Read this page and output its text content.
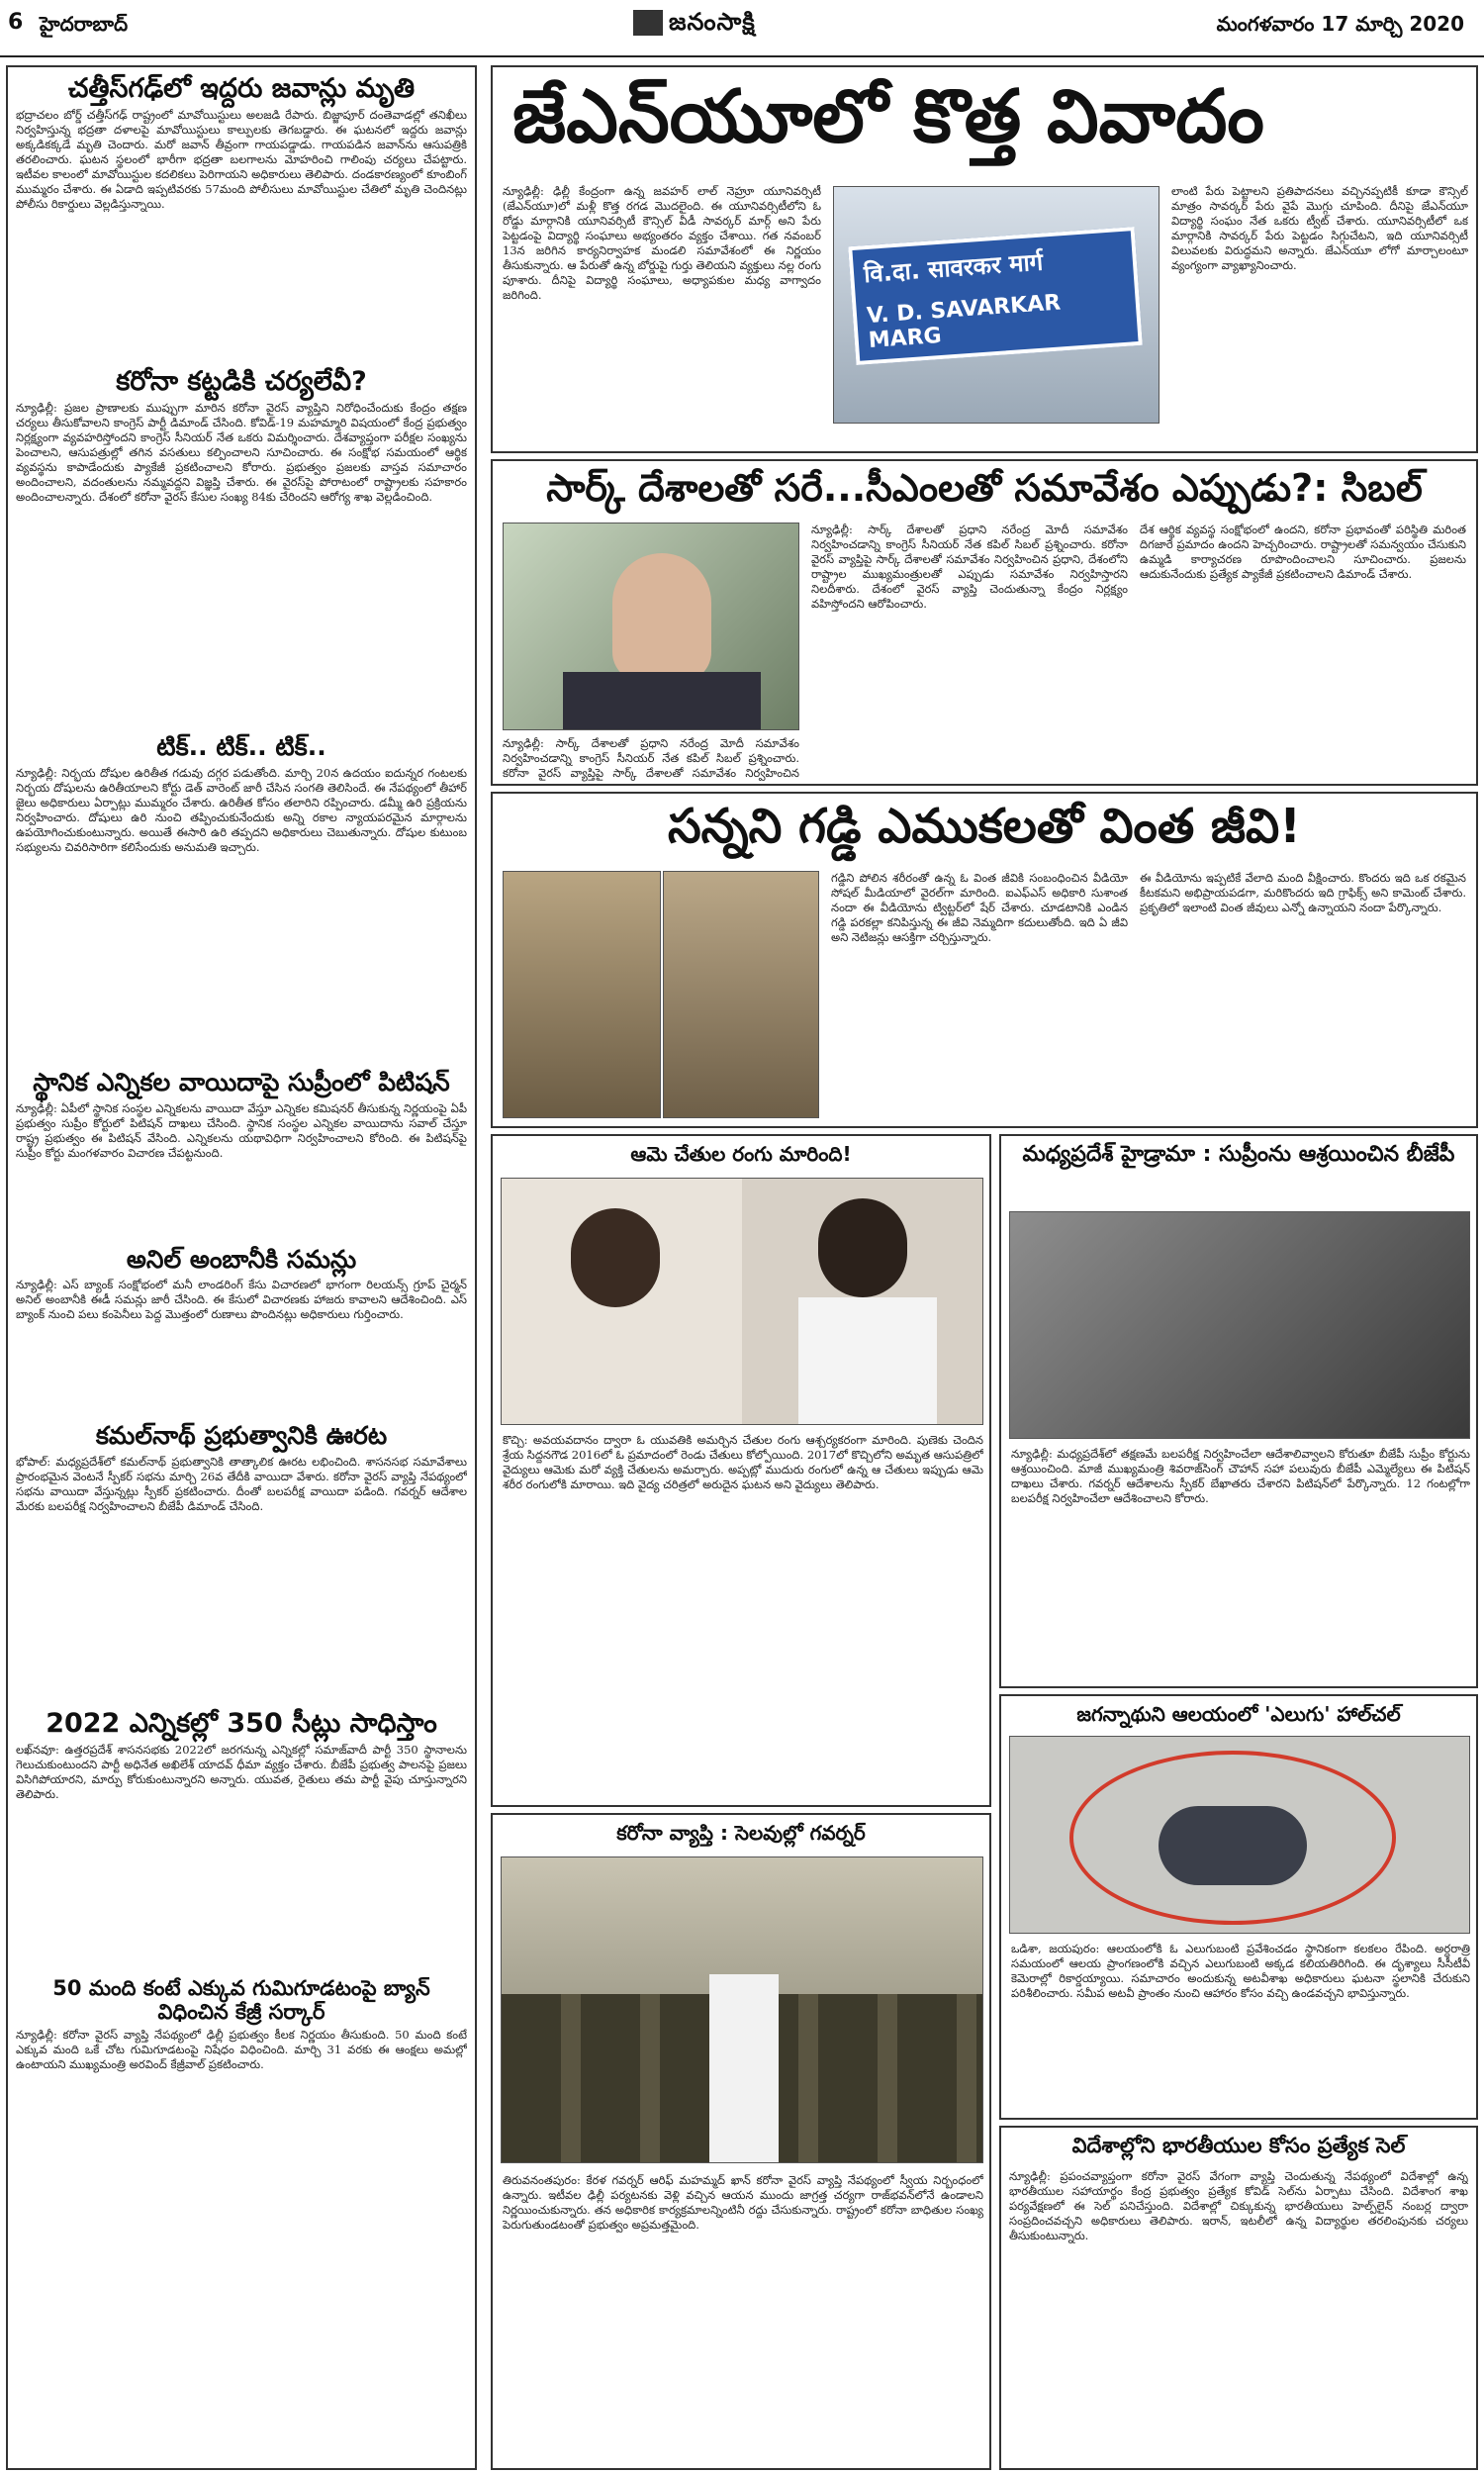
6 హైదరాబాద్	జనంసాక్షి	మంగళవారం 17 మార్చి 2020
చత్తీస్‌గఢ్‌లో ఇద్దరు జవాన్లు మృతి
భద్రాచలం బోర్డ్‌ చత్తీస్‌గఢ్‌ రాష్ట్రంలో మావోయిస్టులు అలజడి రేపారు. బిజ్జాపూర్‌ దంతెవాడల్లో తనిఖీలు నిర్వహిస్తున్న భద్రతా దళాలపై మావోయిస్టులు కాల్పులకు తెగబడ్డారు. ఈ ఘటనలో ఇద్దరు జవాన్లు అక్కడికక్కడే మృతి చెందారు. మరో జవాన్‌ తీవ్రంగా గాయపడ్డాడు. గాయపడిన జవాన్‌ను ఆసుపత్రికి తరలించారు. ఘటన స్థలంలో భారీగా భద్రతా బలగాలను మోహరించి గాలింపు చర్యలు చేపట్టారు. ఇటీవల కాలంలో మావోయిస్టుల కదలికలు పెరిగాయని అధికారులు తెలిపారు. దండకారణ్యంలో కూంబింగ్‌ ముమ్మరం చేశారు. ఈ ఏడాది ఇప్పటివరకు 57మంది పోలీసులు మావోయిస్టుల చేతిలో మృతి చెందినట్లు పోలీసు రికార్డులు వెల్లడిస్తున్నాయి.
కరోనా కట్టడికి చర్యలేవీ?
న్యూఢిల్లీ: ప్రజల ప్రాణాలకు ముప్పుగా మారిన కరోనా వైరస్‌ వ్యాప్తిని నిరోధించేందుకు కేంద్రం తక్షణ చర్యలు తీసుకోవాలని కాంగ్రెస్‌ పార్టీ డిమాండ్‌ చేసింది. కోవిడ్‌-19 మహమ్మారి విషయంలో కేంద్ర ప్రభుత్వం నిర్లక్ష్యంగా వ్యవహరిస్తోందని కాంగ్రెస్‌ సీనియర్‌ నేత ఒకరు విమర్శించారు. దేశవ్యాప్తంగా పరీక్షల సంఖ్యను పెంచాలని, ఆసుపత్రుల్లో తగిన వసతులు కల్పించాలని సూచించారు. ఈ సంక్షోభ సమయంలో ఆర్థిక వ్యవస్థను కాపాడేందుకు ప్యాకేజీ ప్రకటించాలని కోరారు. ప్రభుత్వం ప్రజలకు వాస్తవ సమాచారం అందించాలని, వదంతులను నమ్మవద్దని విజ్ఞప్తి చేశారు. ఈ వైరస్‌పై పోరాటంలో రాష్ట్రాలకు సహకారం అందించాలన్నారు. దేశంలో కరోనా వైరస్‌ కేసుల సంఖ్య 84కు చేరిందని ఆరోగ్య శాఖ వెల్లడించింది.
టిక్‌.. టిక్‌.. టిక్‌..
న్యూఢిల్లీ: నిర్భయ దోషుల ఉరితీత గడువు దగ్గర పడుతోంది. మార్చి 20న ఉదయం ఐదున్నర గంటలకు నిర్భయ దోషులను ఉరితీయాలని కోర్టు డెత్‌ వారెంట్‌ జారీ చేసిన సంగతి తెలిసిందే. ఈ నేపథ్యంలో తీహార్‌ జైలు అధికారులు ఏర్పాట్లు ముమ్మరం చేశారు. ఉరితీత కోసం తలారిని రప్పించారు. డమ్మీ ఉరి ప్రక్రియను నిర్వహించారు. దోషులు ఉరి నుంచి తప్పించుకునేందుకు అన్ని రకాల న్యాయపరమైన మార్గాలను ఉపయోగించుకుంటున్నారు. అయితే ఈసారి ఉరి తప్పదని అధికారులు చెబుతున్నారు. దోషుల కుటుంబ సభ్యులను చివరిసారిగా కలిసేందుకు అనుమతి ఇచ్చారు.
స్థానిక ఎన్నికల వాయిదాపై సుప్రీంలో పిటిషన్‌
న్యూఢిల్లీ: ఏపీలో స్థానిక సంస్థల ఎన్నికలను వాయిదా వేస్తూ ఎన్నికల కమిషనర్‌ తీసుకున్న నిర్ణయంపై ఏపీ ప్రభుత్వం సుప్రీం కోర్టులో పిటిషన్‌ దాఖలు చేసింది. స్థానిక సంస్థల ఎన్నికల వాయిదాను సవాల్‌ చేస్తూ రాష్ట్ర ప్రభుత్వం ఈ పిటిషన్‌ వేసింది. ఎన్నికలను యథావిధిగా నిర్వహించాలని కోరింది. ఈ పిటిషన్‌పై సుప్రీం కోర్టు మంగళవారం విచారణ చేపట్టనుంది.
అనిల్‌ అంబానీకి సమన్లు
న్యూఢిల్లీ: ఎస్‌ బ్యాంక్‌ సంక్షోభంలో మనీ లాండరింగ్‌ కేసు విచారణలో భాగంగా రిలయన్స్‌ గ్రూప్‌ చైర్మన్‌ అనిల్‌ అంబానీకి ఈడీ సమన్లు జారీ చేసింది. ఈ కేసులో విచారణకు హాజరు కావాలని ఆదేశించింది. ఎస్‌ బ్యాంక్‌ నుంచి పలు కంపెనీలు పెద్ద మొత్తంలో రుణాలు పొందినట్లు అధికారులు గుర్తించారు.
కమల్‌నాథ్‌ ప్రభుత్వానికి ఊరట
భోపాల్‌: మధ్యప్రదేశ్‌లో కమల్‌నాథ్‌ ప్రభుత్వానికి తాత్కాలిక ఊరట లభించింది. శాసనసభ సమావేశాలు ప్రారంభమైన వెంటనే స్పీకర్‌ సభను మార్చి 26వ తేదీకి వాయిదా వేశారు. కరోనా వైరస్‌ వ్యాప్తి నేపథ్యంలో సభను వాయిదా వేస్తున్నట్లు స్పీకర్‌ ప్రకటించారు. దీంతో బలపరీక్ష వాయిదా పడింది. గవర్నర్‌ ఆదేశాల మేరకు బలపరీక్ష నిర్వహించాలని బీజేపీ డిమాండ్‌ చేసింది.
2022 ఎన్నికల్లో 350 సీట్లు సాధిస్తాం
లఖ్‌నవూ: ఉత్తరప్రదేశ్‌ శాసనసభకు 2022లో జరగనున్న ఎన్నికల్లో సమాజ్‌వాదీ పార్టీ 350 స్థానాలను గెలుచుకుంటుందని పార్టీ అధినేత అఖిలేశ్‌ యాదవ్‌ ధీమా వ్యక్తం చేశారు. బీజేపీ ప్రభుత్వ పాలనపై ప్రజలు విసిగిపోయారని, మార్పు కోరుకుంటున్నారని అన్నారు. యువత, రైతులు తమ పార్టీ వైపు చూస్తున్నారని తెలిపారు.
50 మంది కంటే ఎక్కువ గుమిగూడటంపై బ్యాన్‌ విధించిన కేజ్రీ సర్కార్‌
న్యూఢిల్లీ: కరోనా వైరస్‌ వ్యాప్తి నేపథ్యంలో ఢిల్లీ ప్రభుత్వం కీలక నిర్ణయం తీసుకుంది. 50 మంది కంటే ఎక్కువ మంది ఒకే చోట గుమిగూడటంపై నిషేధం విధించింది. మార్చి 31 వరకు ఈ ఆంక్షలు అమల్లో ఉంటాయని ముఖ్యమంత్రి అరవింద్‌ కేజ్రీవాల్‌ ప్రకటించారు.
జేఎన్‌యూలో కొత్త వివాదం
న్యూఢిల్లీ: ఢిల్లీ కేంద్రంగా ఉన్న జవహర్‌ లాల్‌ నెహ్రూ యూనివర్సిటీ (జేఎన్‌యూ)లో మళ్లీ కొత్త రగడ మొదలైంది. ఈ యూనివర్సిటీలోని ఓ రోడ్డు మార్గానికి యూనివర్సిటీ కౌన్సిల్‌ వీడీ సావర్కర్‌ మార్గ్‌ అని పేరు పెట్టడంపై విద్యార్థి సంఘాలు అభ్యంతరం వ్యక్తం చేశాయి. గత నవంబర్‌ 13న జరిగిన కార్యనిర్వాహక మండలి సమావేశంలో ఈ నిర్ణయం తీసుకున్నారు. ఆ పేరుతో ఉన్న బోర్డుపై గుర్తు తెలియని వ్యక్తులు నల్ల రంగు పూశారు. దీనిపై విద్యార్థి సంఘాలు, అధ్యాపకుల మధ్య వాగ్వాదం జరిగింది.
वि.दा. सावरकर मार्ग
V. D. SAVARKAR MARG
లాంటి పేరు పెట్టాలని ప్రతిపాదనలు వచ్చినప్పటికీ కూడా కౌన్సిల్‌ మాత్రం సావర్కర్‌ పేరు వైపే మొగ్గు చూపింది. దీనిపై జేఎన్‌యూ విద్యార్థి సంఘం నేత ఒకరు ట్వీట్‌ చేశారు. యూనివర్సిటీలో ఒక మార్గానికి సావర్కర్‌ పేరు పెట్టడం సిగ్గుచేటని, ఇది యూనివర్సిటీ విలువలకు విరుద్ధమని అన్నారు. జేఎన్‌యూ లోగో మార్చాలంటూ వ్యంగ్యంగా వ్యాఖ్యానించారు.
సార్క్‌ దేశాలతో సరే...సీఎంలతో సమావేశం ఎప్పుడు?: సిబల్‌
న్యూఢిల్లీ: సార్క్‌ దేశాలతో ప్రధాని నరేంద్ర మోదీ సమావేశం నిర్వహించడాన్ని కాంగ్రెస్‌ సీనియర్‌ నేత కపిల్‌ సిబల్‌ ప్రశ్నించారు. కరోనా వైరస్‌ వ్యాప్తిపై సార్క్‌ దేశాలతో సమావేశం నిర్వహించిన
న్యూఢిల్లీ: సార్క్‌ దేశాలతో ప్రధాని నరేంద్ర మోదీ సమావేశం నిర్వహించడాన్ని కాంగ్రెస్‌ సీనియర్‌ నేత కపిల్‌ సిబల్‌ ప్రశ్నించారు. కరోనా వైరస్‌ వ్యాప్తిపై సార్క్‌ దేశాలతో సమావేశం నిర్వహించిన ప్రధాని, దేశంలోని రాష్ట్రాల ముఖ్యమంత్రులతో ఎప్పుడు సమావేశం నిర్వహిస్తారని నిలదీశారు. దేశంలో వైరస్‌ వ్యాప్తి చెందుతున్నా కేంద్రం నిర్లక్ష్యం వహిస్తోందని ఆరోపించారు.
దేశ ఆర్థిక వ్యవస్థ సంక్షోభంలో ఉందని, కరోనా ప్రభావంతో పరిస్థితి మరింత దిగజారే ప్రమాదం ఉందని హెచ్చరించారు. రాష్ట్రాలతో సమన్వయం చేసుకుని ఉమ్మడి కార్యాచరణ రూపొందించాలని సూచించారు. ప్రజలను ఆదుకునేందుకు ప్రత్యేక ప్యాకేజీ ప్రకటించాలని డిమాండ్‌ చేశారు.
సన్నని గడ్డి ఎముకలతో వింత జీవి!
గడ్డిని పోలిన శరీరంతో ఉన్న ఓ వింత జీవికి సంబంధించిన వీడియో సోషల్‌ మీడియాలో వైరల్‌గా మారింది. ఐఎఫ్‌ఎస్‌ అధికారి సుశాంత నందా ఈ వీడియోను ట్విట్టర్‌లో షేర్‌ చేశారు. చూడటానికి ఎండిన గడ్డి పరకల్లా కనిపిస్తున్న ఈ జీవి నెమ్మదిగా కదులుతోంది. ఇది ఏ జీవి అని నెటిజన్లు ఆసక్తిగా చర్చిస్తున్నారు.
ఈ వీడియోను ఇప్పటికే వేలాది మంది వీక్షించారు. కొందరు ఇది ఒక రకమైన కీటకమని అభిప్రాయపడగా, మరికొందరు ఇది గ్రాఫిక్స్‌ అని కామెంట్‌ చేశారు. ప్రకృతిలో ఇలాంటి వింత జీవులు ఎన్నో ఉన్నాయని నందా పేర్కొన్నారు.
ఆమె చేతుల రంగు మారింది!
కొచ్చి: అవయవదానం ద్వారా ఓ యువతికి అమర్చిన చేతుల రంగు ఆశ్చర్యకరంగా మారింది. పుణెకు చెందిన శ్రేయ సిద్దనగౌడ 2016లో ఓ ప్రమాదంలో రెండు చేతులు కోల్పోయింది. 2017లో కొచ్చిలోని అమృత ఆసుపత్రిలో వైద్యులు ఆమెకు మరో వ్యక్తి చేతులను అమర్చారు. అప్పట్లో ముదురు రంగులో ఉన్న ఆ చేతులు ఇప్పుడు ఆమె శరీర రంగులోకి మారాయి. ఇది వైద్య చరిత్రలో అరుదైన ఘటన అని వైద్యులు తెలిపారు.
మధ్యప్రదేశ్‌ హైడ్రామా : సుప్రీంను ఆశ్రయించిన బీజేపీ
న్యూఢిల్లీ: మధ్యప్రదేశ్‌లో తక్షణమే బలపరీక్ష నిర్వహించేలా ఆదేశాలివ్వాలని కోరుతూ బీజేపీ సుప్రీం కోర్టును ఆశ్రయించింది. మాజీ ముఖ్యమంత్రి శివరాజ్‌సింగ్‌ చౌహాన్‌ సహా పలువురు బీజేపీ ఎమ్మెల్యేలు ఈ పిటిషన్‌ దాఖలు చేశారు. గవర్నర్‌ ఆదేశాలను స్పీకర్‌ బేఖాతరు చేశారని పిటిషన్‌లో పేర్కొన్నారు. 12 గంటల్లోగా బలపరీక్ష నిర్వహించేలా ఆదేశించాలని కోరారు.
కరోనా వ్యాప్తి : సెలవుల్లో గవర్నర్‌
తిరువనంతపురం: కేరళ గవర్నర్‌ ఆరిఫ్‌ మహమ్మద్‌ ఖాన్‌ కరోనా వైరస్‌ వ్యాప్తి నేపథ్యంలో స్వీయ నిర్బంధంలో ఉన్నారు. ఇటీవల ఢిల్లీ పర్యటనకు వెళ్లి వచ్చిన ఆయన ముందు జాగ్రత్త చర్యగా రాజ్‌భవన్‌లోనే ఉండాలని నిర్ణయించుకున్నారు. తన అధికారిక కార్యక్రమాలన్నింటినీ రద్దు చేసుకున్నారు. రాష్ట్రంలో కరోనా బాధితుల సంఖ్య పెరుగుతుండటంతో ప్రభుత్వం అప్రమత్తమైంది.
జగన్నాథుని ఆలయంలో 'ఎలుగు' హాల్‌చల్‌
ఒడిశా, జయపురం: ఆలయంలోకి ఓ ఎలుగుబంటి ప్రవేశించడం స్థానికంగా కలకలం రేపింది. అర్ధరాత్రి సమయంలో ఆలయ ప్రాంగణంలోకి వచ్చిన ఎలుగుబంటి అక్కడ కలియతిరిగింది. ఈ దృశ్యాలు సీసీటీవీ కెమెరాల్లో రికార్డయ్యాయి. సమాచారం అందుకున్న అటవీశాఖ అధికారులు ఘటనా స్థలానికి చేరుకుని పరిశీలించారు. సమీప అటవీ ప్రాంతం నుంచి ఆహారం కోసం వచ్చి ఉండవచ్చని భావిస్తున్నారు.
విదేశాల్లోని భారతీయుల కోసం ప్రత్యేక సెల్‌
న్యూఢిల్లీ: ప్రపంచవ్యాప్తంగా కరోనా వైరస్‌ వేగంగా వ్యాప్తి చెందుతున్న నేపథ్యంలో విదేశాల్లో ఉన్న భారతీయుల సహాయార్థం కేంద్ర ప్రభుత్వం ప్రత్యేక కోవిడ్‌ సెల్‌ను ఏర్పాటు చేసింది. విదేశాంగ శాఖ పర్యవేక్షణలో ఈ సెల్‌ పనిచేస్తుంది. విదేశాల్లో చిక్కుకున్న భారతీయులు హెల్ప్‌లైన్‌ నంబర్ల ద్వారా సంప్రదించవచ్చని అధికారులు తెలిపారు. ఇరాన్‌, ఇటలీలో ఉన్న విద్యార్థుల తరలింపునకు చర్యలు తీసుకుంటున్నారు.
